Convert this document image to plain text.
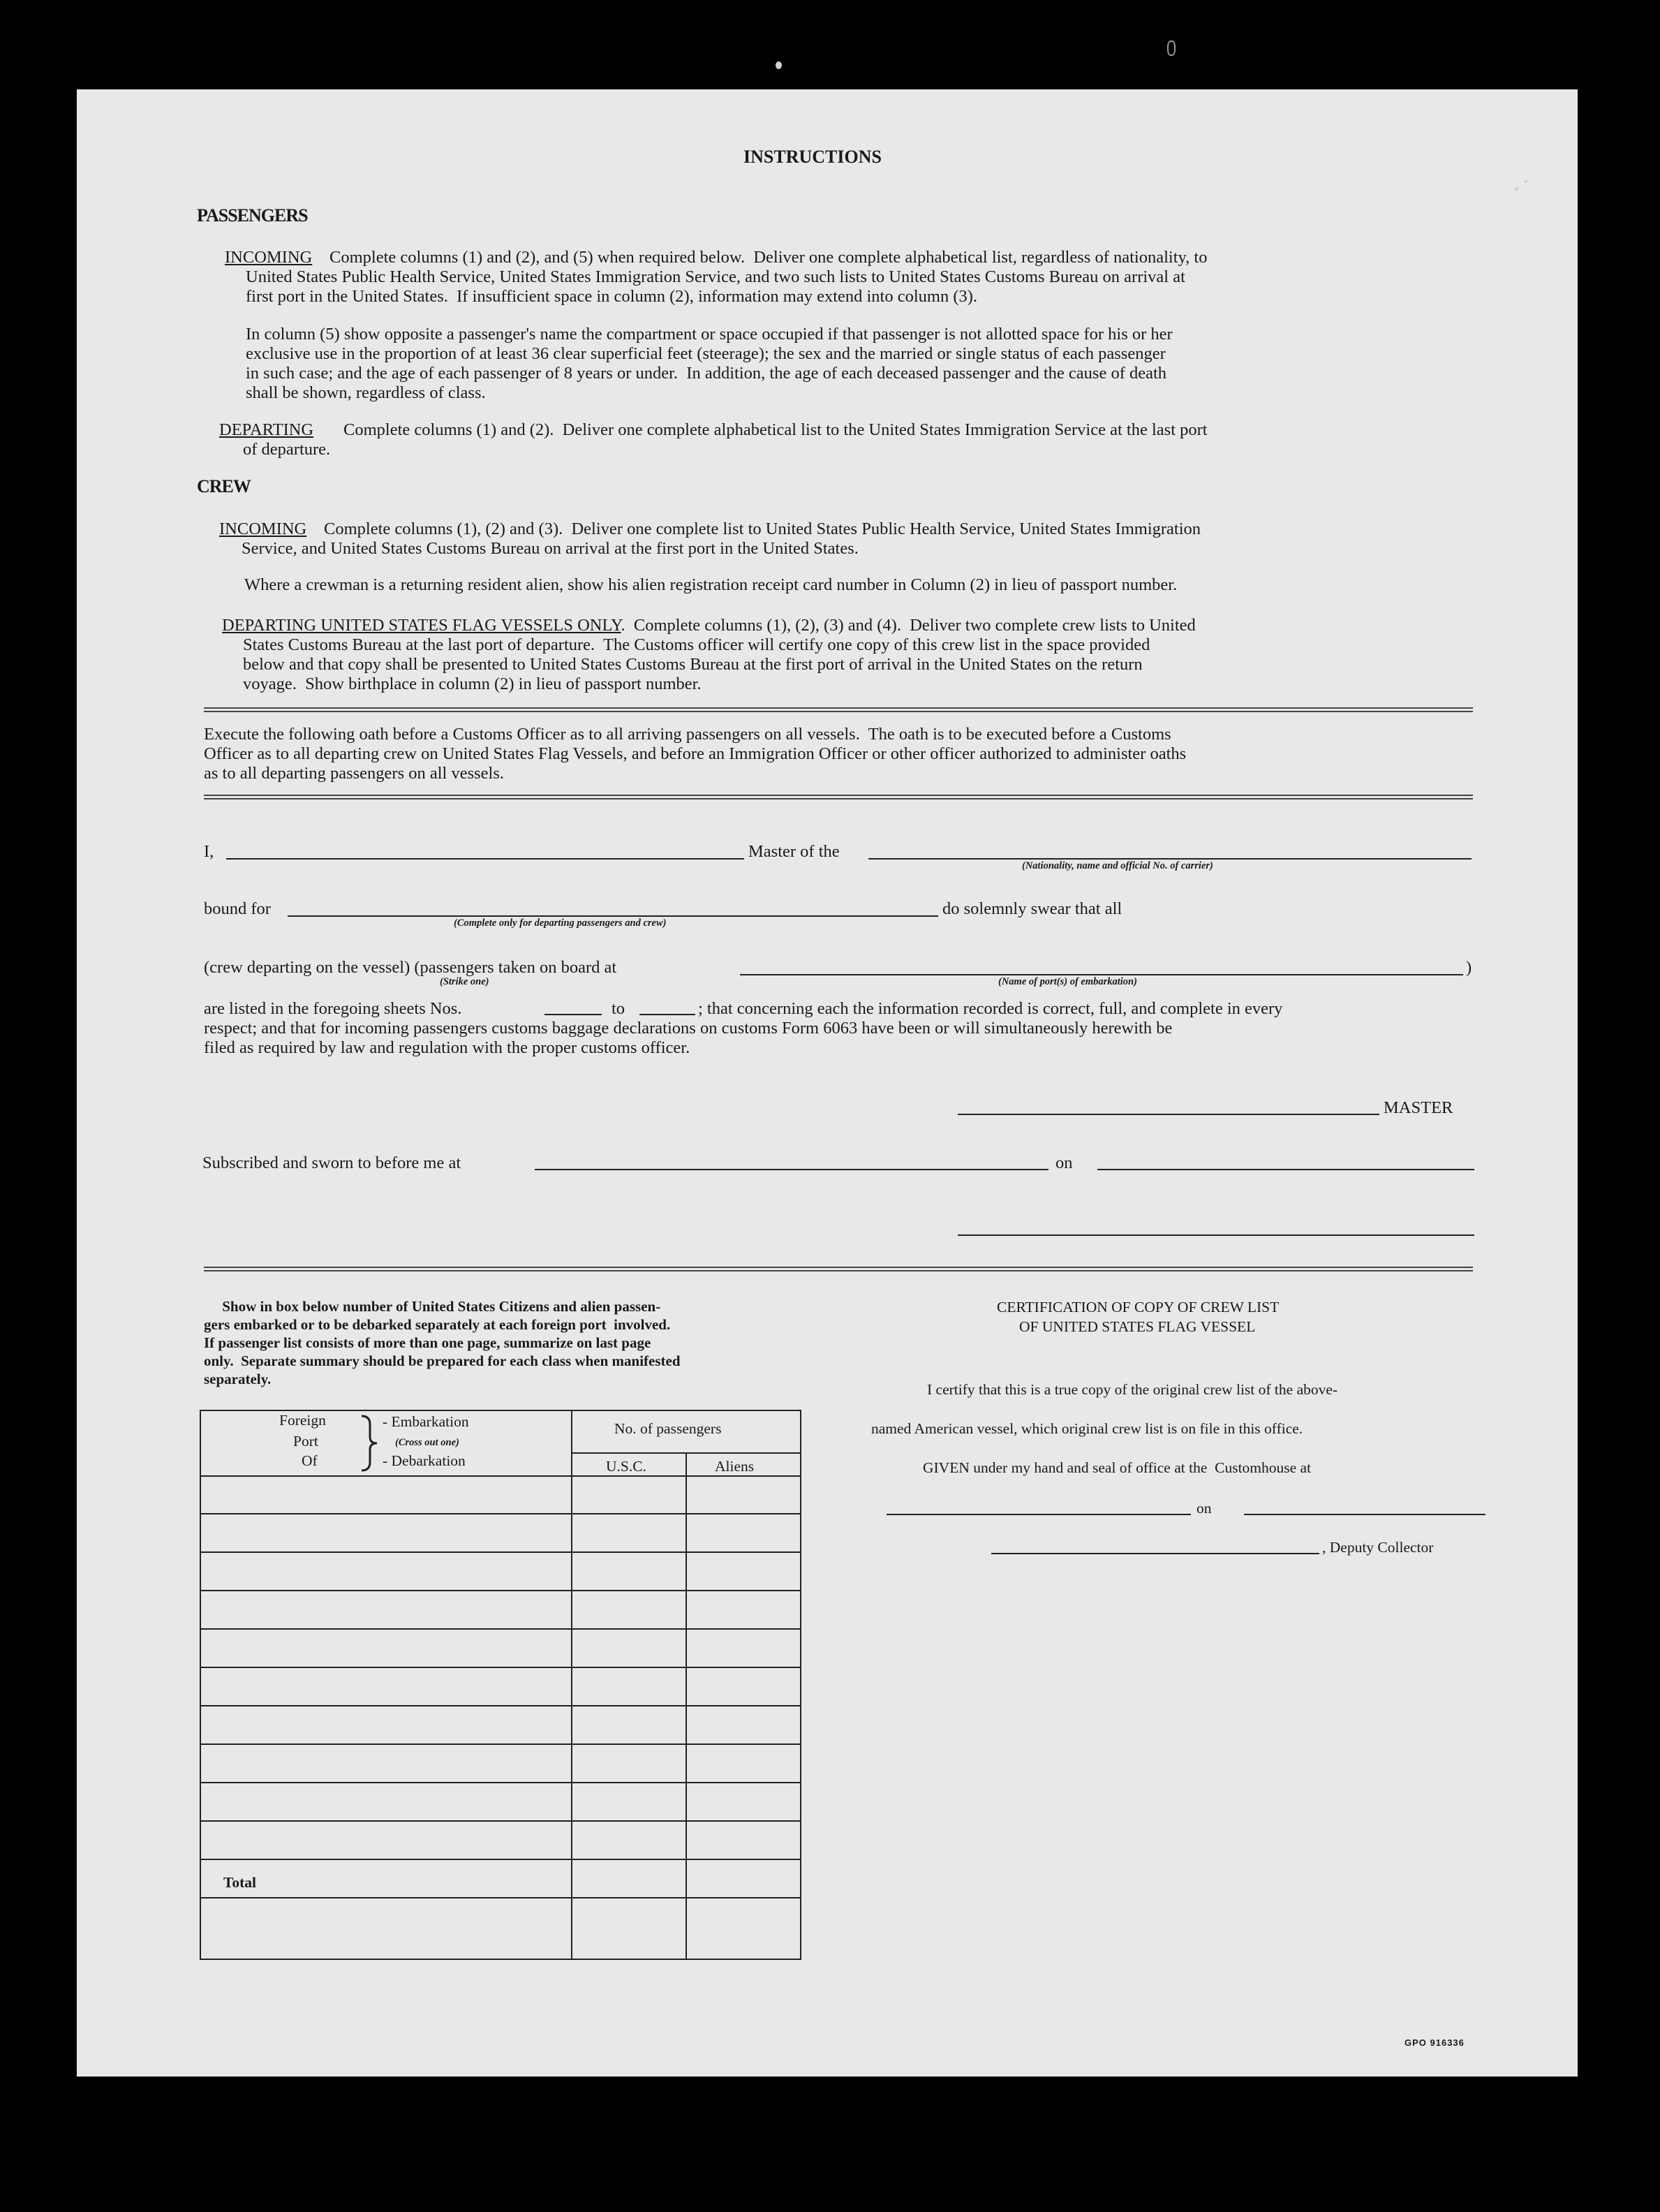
INSTRUCTIONS
PASSENGERS
INCOMING Complete columns (1) and (2), and (5) when required below.  Deliver one complete alphabetical list, regardless of nationality, to
United States Public Health Service, United States Immigration Service, and two such lists to United States Customs Bureau on arrival at
first port in the United States.  If insufficient space in column (2), information may extend into column (3).
In column (5) show opposite a passenger's name the compartment or space occupied if that passenger is not allotted space for his or her
exclusive use in the proportion of at least 36 clear superficial feet (steerage); the sex and the married or single status of each passenger
in such case; and the age of each passenger of 8 years or under.  In addition, the age of each deceased passenger and the cause of death
shall be shown, regardless of class.
DEPARTING Complete columns (1) and (2).  Deliver one complete alphabetical list to the United States Immigration Service at the last port
of departure.
CREW
INCOMING Complete columns (1), (2) and (3).  Deliver one complete list to United States Public Health Service, United States Immigration
Service, and United States Customs Bureau on arrival at the first port in the United States.
Where a crewman is a returning resident alien, show his alien registration receipt card number in Column (2) in lieu of passport number.
DEPARTING UNITED STATES FLAG VESSELS ONLY.  Complete columns (1), (2), (3) and (4).  Deliver two complete crew lists to United
States Customs Bureau at the last port of departure.  The Customs officer will certify one copy of this crew list in the space provided
below and that copy shall be presented to United States Customs Bureau at the first port of arrival in the United States on the return
voyage.  Show birthplace in column (2) in lieu of passport number.
Execute the following oath before a Customs Officer as to all arriving passengers on all vessels.  The oath is to be executed before a Customs
Officer as to all departing crew on United States Flag Vessels, and before an Immigration Officer or other officer authorized to administer oaths
as to all departing passengers on all vessels.
I,	Master of the
(Nationality, name and official No. of carrier)
bound for
(Complete only for departing passengers and crew)
do solemnly swear that all
(crew departing on the vessel) (passengers taken on board at
(Strike one)	(Name of port(s) of embarkation)
)
are listed in the foregoing sheets Nos.	to	; that concerning each the information recorded is correct, full, and complete in every
respect; and that for incoming passengers customs baggage declarations on customs Form 6063 have been or will simultaneously herewith be
filed as required by law and regulation with the proper customs officer.
MASTER
Subscribed and sworn to before me at	on
Show in box below number of United States Citizens and alien passen-
gers embarked or to be debarked separately at each foreign port  involved.
If passenger list consists of more than one page, summarize on last page
only.  Separate summary should be prepared for each class when manifested
separately.
Foreign
Port
Of
- Embarkation
(Cross out one)
- Debarkation
No. of passengers
U.S.C.	Aliens
Total
CERTIFICATION OF COPY OF CREW LIST
OF UNITED STATES FLAG VESSEL
I certify that this is a true copy of the original crew list of the above-
named American vessel, which original crew list is on file in this office.
GIVEN under my hand and seal of office at the  Customhouse at
on
, Deputy Collector
GPO 916336
